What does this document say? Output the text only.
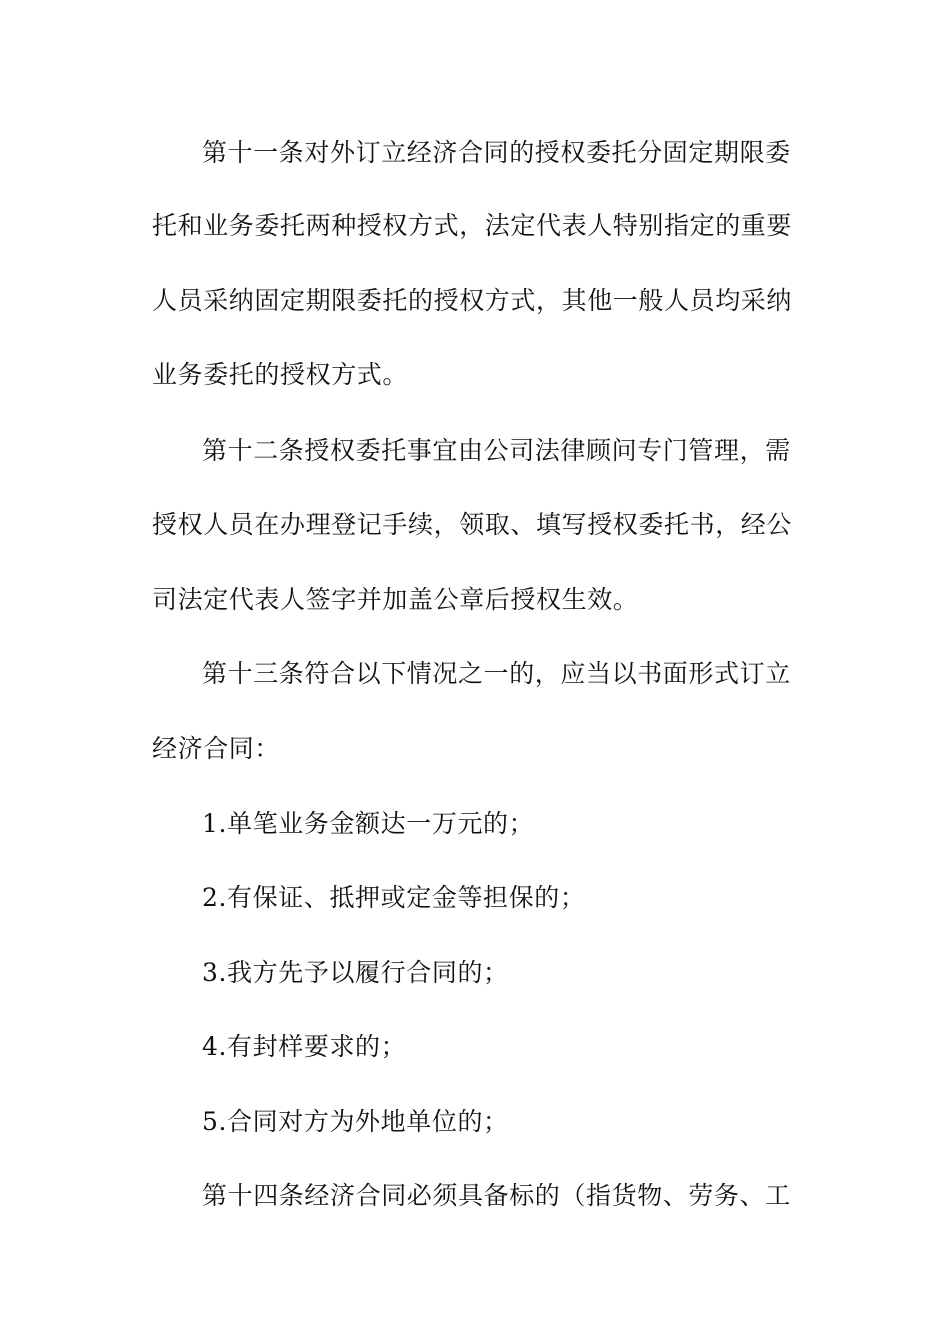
第十一条对外订立经济合同的授权委托分固定期限委
托和业务委托两种授权方式，法定代表人特别指定的重要
人员采纳固定期限委托的授权方式，其他一般人员均采纳
业务委托的授权方式。
第十二条授权委托事宜由公司法律顾问专门管理，需
授权人员在办理登记手续，领取、填写授权委托书，经公
司法定代表人签字并加盖公章后授权生效。
第十三条符合以下情况之一的，应当以书面形式订立
经济合同：
1.单笔业务金额达一万元的；
2.有保证、抵押或定金等担保的；
3.我方先予以履行合同的；
4.有封样要求的；
5.合同对方为外地单位的；
第十四条经济合同必须具备标的（指货物、劳务、工
